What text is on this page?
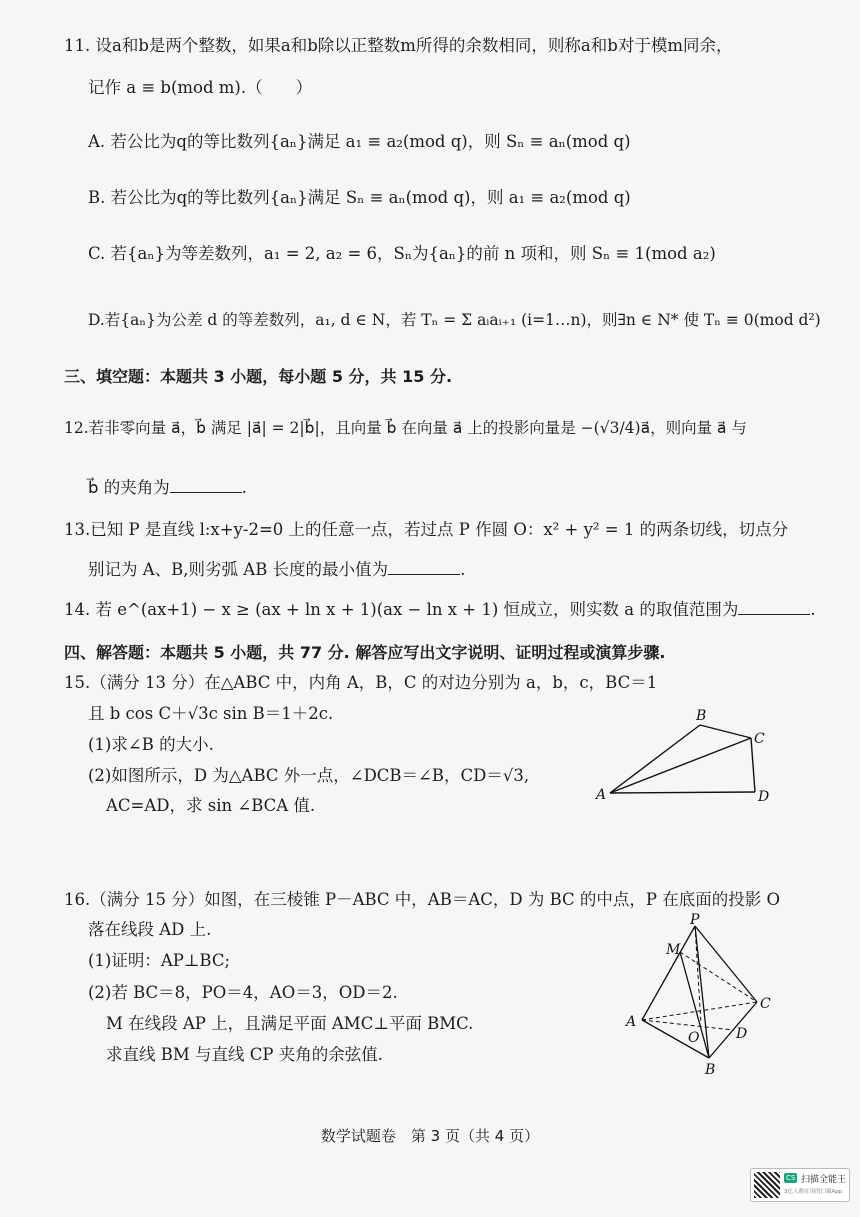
11. 设a和b是两个整数，如果a和b除以正整数m所得的余数相同，则称a和b对于模m同余，
记作 a ≡ b(mod m).（　　）
A. 若公比为q的等比数列{aₙ}满足 a₁ ≡ a₂(mod q)，则 Sₙ ≡ aₙ(mod q)
B. 若公比为q的等比数列{aₙ}满足 Sₙ ≡ aₙ(mod q)，则 a₁ ≡ a₂(mod q)
C. 若{aₙ}为等差数列，a₁ = 2, a₂ = 6，Sₙ为{aₙ}的前 n 项和，则 Sₙ ≡ 1(mod a₂)
D.若{aₙ}为公差 d 的等差数列，a₁, d ∈ N，若 Tₙ = Σ aᵢaᵢ₊₁ (i=1…n)，则∃n ∈ N* 使 Tₙ ≡ 0(mod d²)
三、填空题：本题共 3 小题，每小题 5 分，共 15 分.
12.若非零向量 a⃗，b⃗ 满足 |a⃗| = 2|b⃗|，且向量 b⃗ 在向量 a⃗ 上的投影向量是 −(√3/4)a⃗，则向量 a⃗ 与
b⃗ 的夹角为	.
13.已知 P 是直线 l:x+y-2=0 上的任意一点，若过点 P 作圆 O：x² + y² = 1 的两条切线，切点分
别记为 A、B,则劣弧 AB 长度的最小值为	.
14. 若 e^(ax+1) − x ≥ (ax + ln x + 1)(ax − ln x + 1) 恒成立，则实数 a 的取值范围为	.
四、解答题：本题共 5 小题，共 77 分. 解答应写出文字说明、证明过程或演算步骤.
15.（满分 13 分）在△ABC 中，内角 A，B，C 的对边分别为 a，b，c，BC＝1
且 b cos C＋√3c sin B＝1＋2c.
(1)求∠B 的大小.
(2)如图所示，D 为△ABC 外一点，∠DCB＝∠B，CD＝√3,
AC=AD，求 sin ∠BCA 值.
A
B
C
D
16.（满分 15 分）如图，在三棱锥 P－ABC 中，AB＝AC，D 为 BC 的中点，P 在底面的投影 O
落在线段 AD 上.
(1)证明：AP⊥BC;
(2)若 BC＝8，PO＝4，AO＝3，OD＝2.
M 在线段 AP 上，且满足平面 AMC⊥平面 BMC.
求直线 BM 与直线 CP 夹角的余弦值.
P
M
C
A
O	D
B
数学试题卷　第 3 页（共 4 页）
CS 扫描全能王
3亿人都在用的扫描App
